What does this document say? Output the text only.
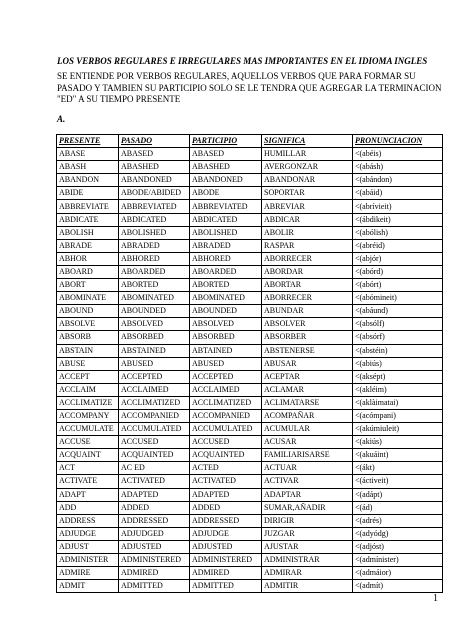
LOS VERBOS REGULARES E IRREGULARES MAS IMPORTANTES EN EL IDIOMA INGLES
SE ENTIENDE POR VERBOS REGULARES, AQUELLOS VERBOS QUE PARA FORMAR SU
PASADO Y TAMBIEN SU PARTICIPIO SOLO SE LE TENDRA QUE AGREGAR LA TERMINACION
"ED" A SU TIEMPO PRESENTE
A.
PRESENTE	PASADO	PARTICIPIO	SIGNIFICA	PRONUNCIACION
ABASE	ABASED	ABASED	HUMILLAR	<(abéis)
ABASH	ABASHED	ABASHED	AVERGONZAR	<(abásh)
ABANDON	ABANDONED	ABANDONED	ABANDONAR	<(abándon)
ABIDE	ABODE/ABIDED	ABODE	SOPORTAR	<(abáid)
ABBREVIATE	ABBREVIATED	ABBREVIATED	ABREVIAR	<(abrívieit)
ABDICATE	ABDICATED	ABDICATED	ABDICAR	<(ábdikeit)
ABOLISH	ABOLISHED	ABOLISHED	ABOLIR	<(abólish)
ABRADE	ABRADED	ABRADED	RASPAR	<(abréid)
ABHOR	ABHORED	ABHORED	ABORRECER	<(abjór)
ABOARD	ABOARDED	ABOARDED	ABORDAR	<(abórd)
ABORT	ABORTED	ABORTED	ABORTAR	<(abórt)
ABOMINATE	ABOMINATED	ABOMINATED	ABORRECER	<(abómineit)
ABOUND	ABOUNDED	ABOUNDED	ABUNDAR	<(abáund)
ABSOLVE	ABSOLVED	ABSOLVED	ABSOLVER	<(absólf)
ABSORB	ABSORBED	ABSORBED	ABSORBER	<(absórf)
ABSTAIN	ABSTAINED	ABTAINED	ABSTENERSE	<(abstéin)
ABUSE	ABUSED	ABUSED	ABUSAR	<(abiús)
ACCEPT	ACCEPTED	ACCEPTED	ACEPTAR	<(aksépt)
ACCLAIM	ACCLAIMED	ACCLAIMED	ACLAMAR	<(akléim)
ACCLIMATIZE	ACCLIMATIZED	ACCLIMATIZED	ACLIMATARSE	<(aklàimatai)
ACCOMPANY	ACCOMPANIED	ACCOMPANIED	ACOMPAÑAR	<(acómpani)
ACCUMULATE	ACCUMULATED	ACCUMULATED	ACUMULAR	<(akúmiuleit)
ACCUSE	ACCUSED	ACCUSED	ACUSAR	<(akiús)
ACQUAINT	ACQUAINTED	ACQUAINTED	FAMILIARISARSE	<(akuáint)
ACT	AC ED	ACTED	ACTUAR	<(ákt)
ACTIVATE	ACTIVATED	ACTIVATED	ACTIVAR	<(áctiveit)
ADAPT	ADAPTED	ADAPTED	ADAPTAR	<(adápt)
ADD	ADDED	ADDED	SUMAR,AÑADIR	<(ád)
ADDRESS	ADDRESSED	ADDRESSED	DIRIGIR	<(adrés)
ADJUDGE	ADJUDGED	ADJUDGE	JUZGAR	<(adyódg)
ADJUST	ADJUSTED	ADJUSTED	AJUSTAR	<(adjóst)
ADMINISTER	ADMINISTERED	ADMINISTERED	ADMINISTRAR	<(admínister)
ADMIRE	ADMIRED	ADMIRED	ADMIRAR	<(admáior)
ADMIT	ADMITTED	ADMITTED	ADMITIR	<(admít)
1
